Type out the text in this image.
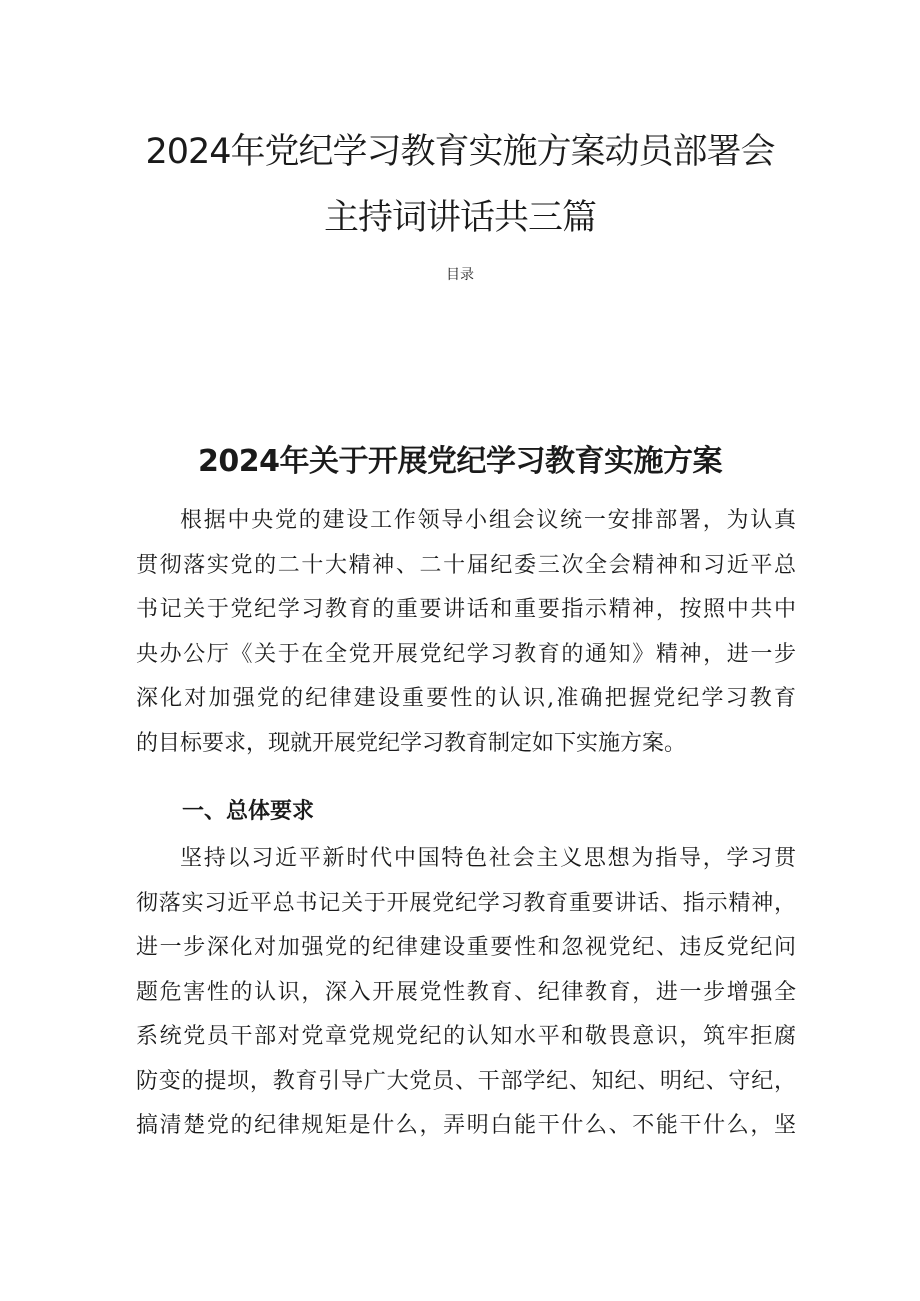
2024年党纪学习教育实施方案动员部署会
主持词讲话共三篇
目录
2024年关于开展党纪学习教育实施方案
根据中央党的建设工作领导小组会议统一安排部署，为认真
贯彻落实党的二十大精神、二十届纪委三次全会精神和习近平总
书记关于党纪学习教育的重要讲话和重要指示精神，按照中共中
央办公厅《关于在全党开展党纪学习教育的通知》精神，进一步
深化对加强党的纪律建设重要性的认识,准确把握党纪学习教育
的目标要求，现就开展党纪学习教育制定如下实施方案。
一、总体要求
坚持以习近平新时代中国特色社会主义思想为指导，学习贯
彻落实习近平总书记关于开展党纪学习教育重要讲话、指示精神，
进一步深化对加强党的纪律建设重要性和忽视党纪、违反党纪问
题危害性的认识，深入开展党性教育、纪律教育，进一步增强全
系统党员干部对党章党规党纪的认知水平和敬畏意识，筑牢拒腐
防变的提坝，教育引导广大党员、干部学纪、知纪、明纪、守纪，
搞清楚党的纪律规矩是什么，弄明白能干什么、不能干什么，坚
